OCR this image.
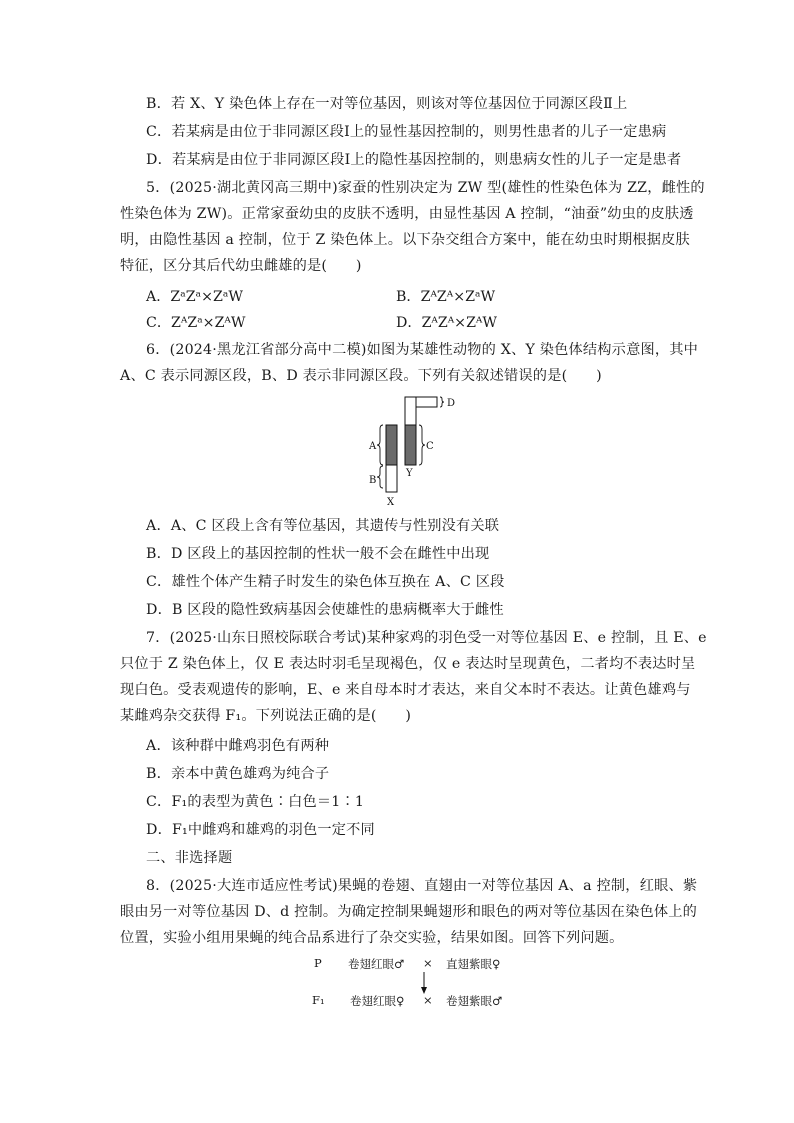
B．若 X、Y 染色体上存在一对等位基因，则该对等位基因位于同源区段Ⅱ上
C．若某病是由位于非同源区段Ⅰ上的显性基因控制的，则男性患者的儿子一定患病
D．若某病是由位于非同源区段Ⅰ上的隐性基因控制的，则患病女性的儿子一定是患者
5．(2025·湖北黄冈高三期中)家蚕的性别决定为 ZW 型(雄性的性染色体为 ZZ，雌性的
性染色体为 ZW)。正常家蚕幼虫的皮肤不透明，由显性基因 A 控制，“油蚕”幼虫的皮肤透
明，由隐性基因 a 控制，位于 Z 染色体上。以下杂交组合方案中，能在幼虫时期根据皮肤
特征，区分其后代幼虫雌雄的是(　　)
A．ZᵃZᵃ×ZᵃW	B．ZᴬZᴬ×ZᵃW
C．ZᴬZᵃ×ZᴬW	D．ZᴬZᴬ×ZᴬW
6．(2024·黑龙江省部分高中二模)如图为某雄性动物的 X、Y 染色体结构示意图，其中
A、C 表示同源区段，B、D 表示非同源区段。下列有关叙述错误的是(　　)
A
B
C
D
X
Y
A．A、C 区段上含有等位基因，其遗传与性别没有关联
B．D 区段上的基因控制的性状一般不会在雌性中出现
C．雄性个体产生精子时发生的染色体互换在 A、C 区段
D．B 区段的隐性致病基因会使雄性的患病概率大于雌性
7．(2025·山东日照校际联合考试)某种家鸡的羽色受一对等位基因 E、e 控制，且 E、e
只位于 Z 染色体上，仅 E 表达时羽毛呈现褐色，仅 e 表达时呈现黄色，二者均不表达时呈
现白色。受表观遗传的影响，E、e 来自母本时才表达，来自父本时不表达。让黄色雄鸡与
某雌鸡杂交获得 F₁。下列说法正确的是(　　)
A．该种群中雌鸡羽色有两种
B．亲本中黄色雄鸡为纯合子
C．F₁的表型为黄色∶白色＝1∶1
D．F₁中雌鸡和雄鸡的羽色一定不同
二、非选择题
8．(2025·大连市适应性考试)果蝇的卷翅、直翅由一对等位基因 A、a 控制，红眼、紫
眼由另一对等位基因 D、d 控制。为确定控制果蝇翅形和眼色的两对等位基因在染色体上的
位置，实验小组用果蝇的纯合品系进行了杂交实验，结果如图。回答下列问题。
P 卷翅红眼♂ × 直翅紫眼♀
F₁ 卷翅红眼♀ × 卷翅紫眼♂
